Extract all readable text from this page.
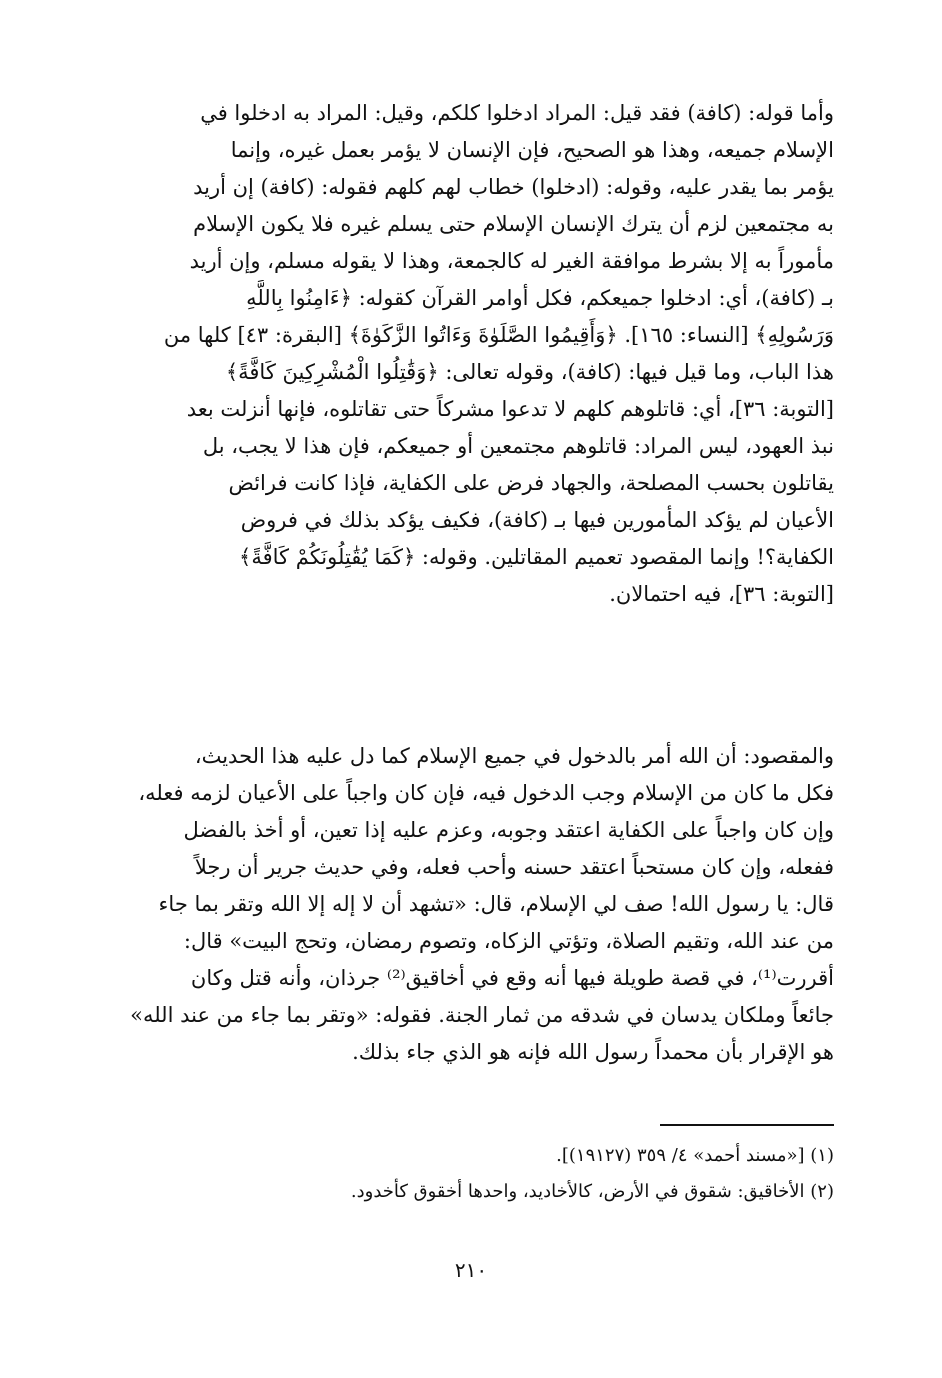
وأما قوله: (كافة) فقد قيل: المراد ادخلوا كلكم، وقيل: المراد به ادخلوا في
الإسلام جميعه، وهذا هو الصحيح، فإن الإنسان لا يؤمر بعمل غيره، وإنما
يؤمر بما يقدر عليه، وقوله: (ادخلوا) خطاب لهم كلهم فقوله: (كافة) إن أريد
به مجتمعين لزم أن يترك الإنسان الإسلام حتى يسلم غيره فلا يكون الإسلام
مأموراً به إلا بشرط موافقة الغير له كالجمعة، وهذا لا يقوله مسلم، وإن أريد
بـ (كافة)، أي: ادخلوا جميعكم، فكل أوامر القرآن كقوله: ﴿ءَامِنُوا بِاللَّهِ
وَرَسُولِهِ﴾ [النساء: ١٦٥]. ﴿وَأَقِيمُوا الصَّلَوٰةَ وَءَاتُوا الزَّكَوٰةَ﴾ [البقرة: ٤٣] كلها من
هذا الباب، وما قيل فيها: (كافة)، وقوله تعالى: ﴿وَقَٰتِلُوا الْمُشْرِكِينَ كَافَّةً﴾
[التوبة: ٣٦]، أي: قاتلوهم كلهم لا تدعوا مشركاً حتى تقاتلوه، فإنها أنزلت بعد
نبذ العهود، ليس المراد: قاتلوهم مجتمعين أو جميعكم، فإن هذا لا يجب، بل
يقاتلون بحسب المصلحة، والجهاد فرض على الكفاية، فإذا كانت فرائض
الأعيان لم يؤكد المأمورين فيها بـ (كافة)، فكيف يؤكد بذلك في فروض
الكفاية؟! وإنما المقصود تعميم المقاتلين. وقوله: ﴿كَمَا يُقَٰتِلُونَكُمْ كَافَّةً﴾
[التوبة: ٣٦]، فيه احتمالان.
والمقصود: أن الله أمر بالدخول في جميع الإسلام كما دل عليه هذا الحديث،
فكل ما كان من الإسلام وجب الدخول فيه، فإن كان واجباً على الأعيان لزمه فعله،
وإن كان واجباً على الكفاية اعتقد وجوبه، وعزم عليه إذا تعين، أو أخذ بالفضل
ففعله، وإن كان مستحباً اعتقد حسنه وأحب فعله، وفي حديث جرير أن رجلاً
قال: يا رسول الله! صف لي الإسلام، قال: «تشهد أن لا إله إلا الله وتقر بما جاء
من عند الله، وتقيم الصلاة، وتؤتي الزكاه، وتصوم رمضان، وتحج البيت» قال:
أقررت⁽¹⁾، في قصة طويلة فيها أنه وقع في أخاقيق⁽²⁾ جرذان، وأنه قتل وكان
جائعاً وملكان يدسان في شدقه من ثمار الجنة. فقوله: «وتقر بما جاء من عند الله»
هو الإقرار بأن محمداً رسول الله فإنه هو الذي جاء بذلك.
(١) [«مسند أحمد» ٤/ ٣٥٩ (١٩١٢٧)].
(٢) الأخاقيق: شقوق في الأرض، كالأخاديد، واحدها أخقوق كأخدود.
٢١٠
